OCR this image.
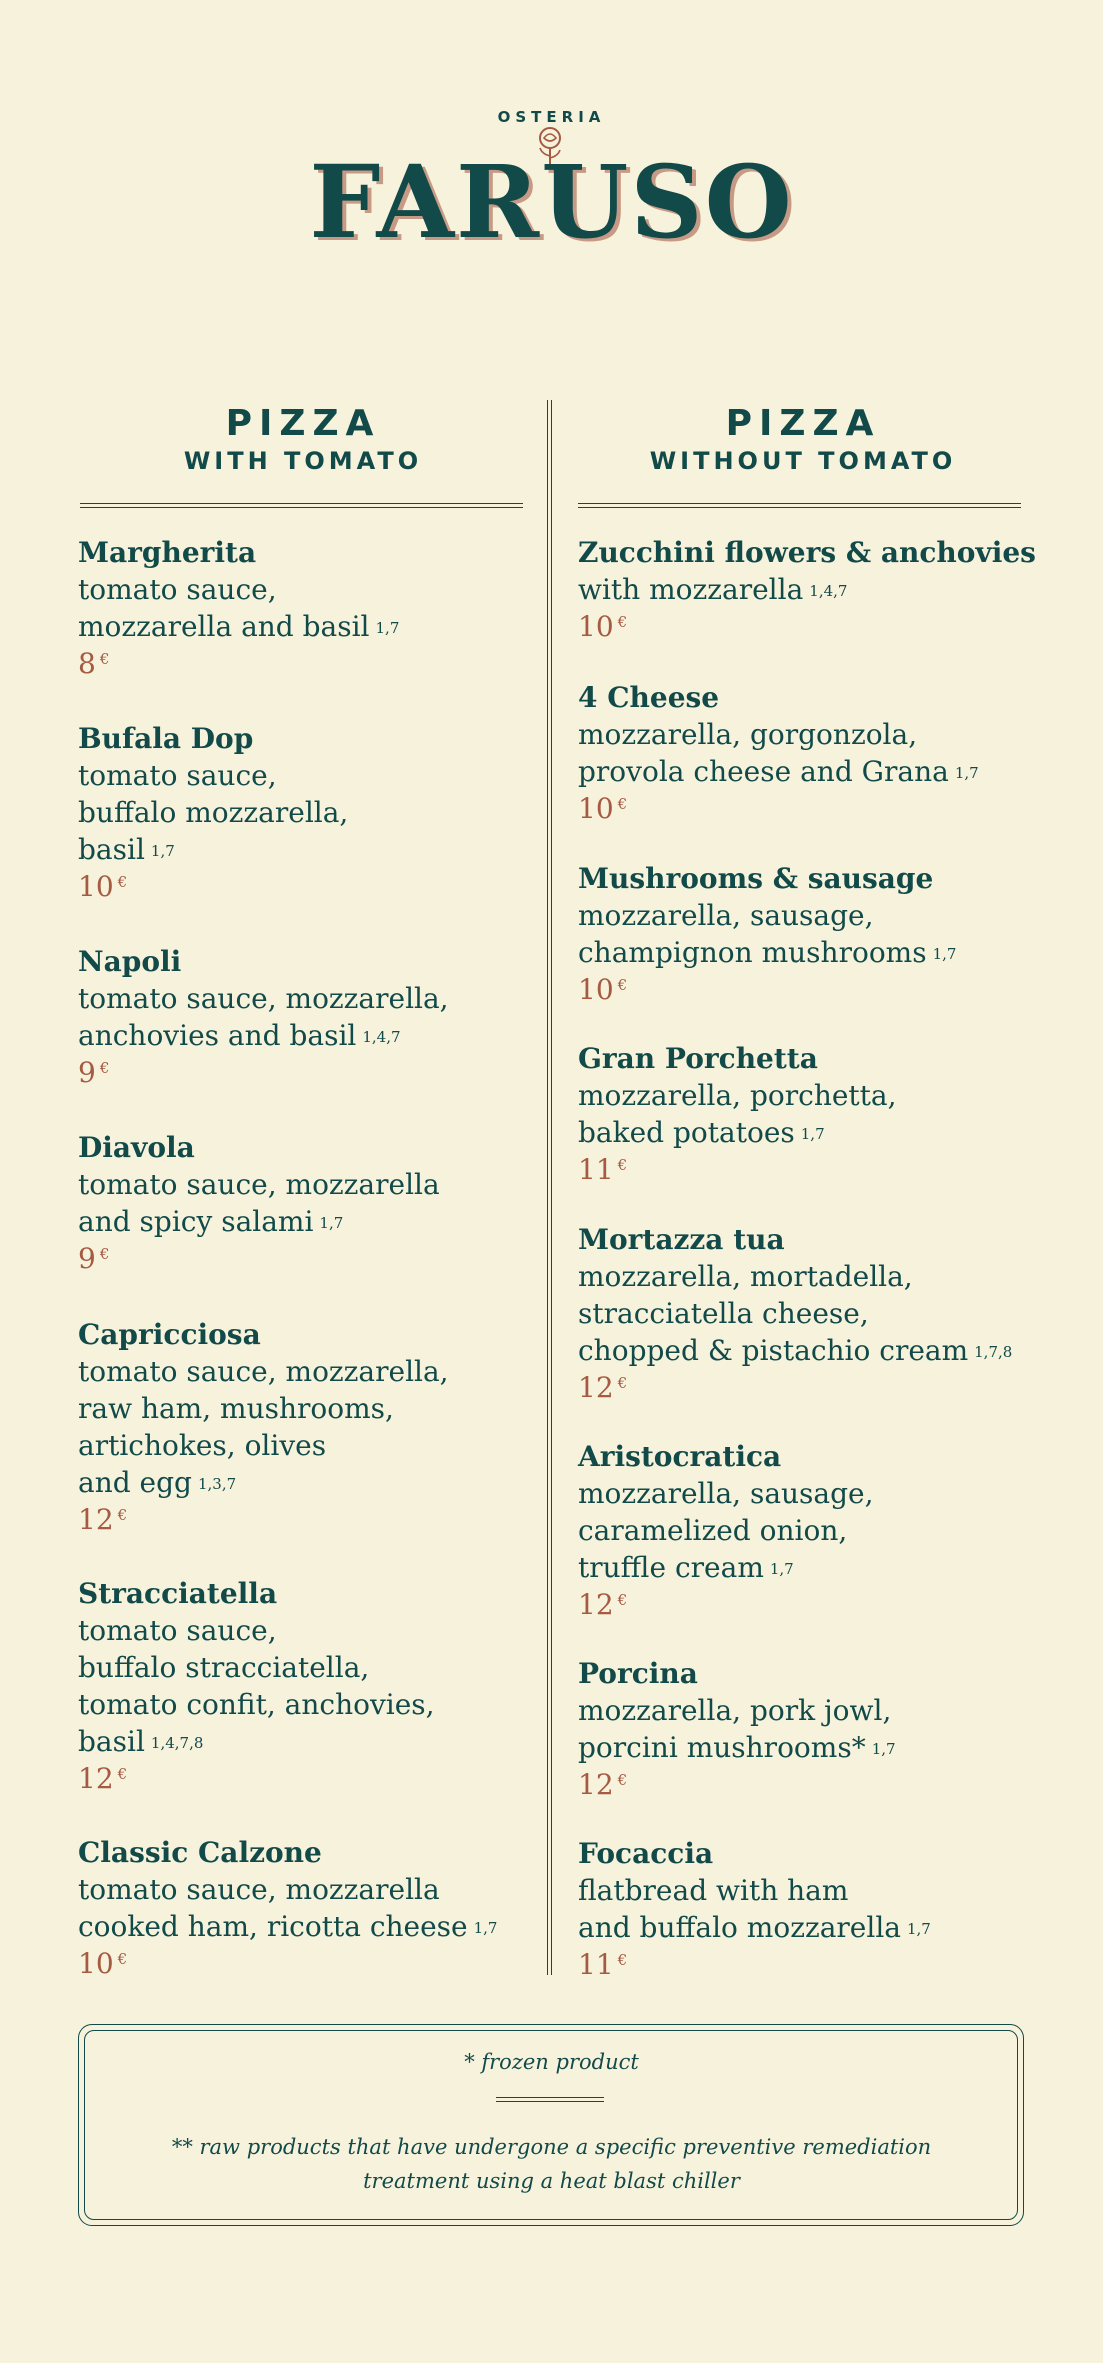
OSTERIA
FARUSO
PIZZA
WITH TOMATO
PIZZA
WITHOUT TOMATO
Margherita
tomato sauce,
mozzarella and basil $^{1,7}$
8 €
Bufala Dop
tomato sauce,
buffalo mozzarella,
basil $^{1,7}$
10 €
Napoli
tomato sauce, mozzarella,
anchovies and basil $^{1,4,7}$
9 €
Diavola
tomato sauce, mozzarella
and spicy salami $^{1,7}$
9 €
Capricciosa
tomato sauce, mozzarella,
raw ham, mushrooms,
artichokes, olives
and egg $^{1,3,7}$
12 €
Stracciatella
tomato sauce,
buffalo stracciatella,
tomato confit, anchovies,
basil $^{1,4,7,8}$
12 €
Classic Calzone
tomato sauce, mozzarella
cooked ham, ricotta cheese $^{1,7}$
10 €
Zucchini flowers & anchovies
with mozzarella $^{1,4,7}$
10 €
4 Cheese
mozzarella, gorgonzola,
provola cheese and Grana $^{1,7}$
10 €
Mushrooms & sausage
mozzarella, sausage,
champignon mushrooms $^{1,7}$
10 €
Gran Porchetta
mozzarella, porchetta,
baked potatoes $^{1,7}$
11 €
Mortazza tua
mozzarella, mortadella,
stracciatella cheese,
chopped & pistachio cream $^{1,7,8}$
12 €
Aristocratica
mozzarella, sausage,
caramelized onion,
truffle cream $^{1,7}$
12 €
Porcina
mozzarella, pork jowl,
porcini mushrooms* $^{1,7}$
12 €
Focaccia
flatbread with ham
and buffalo mozzarella $^{1,7}$
11 €
* frozen product
** raw products that have undergone a specific preventive remediation
treatment using a heat blast chiller
